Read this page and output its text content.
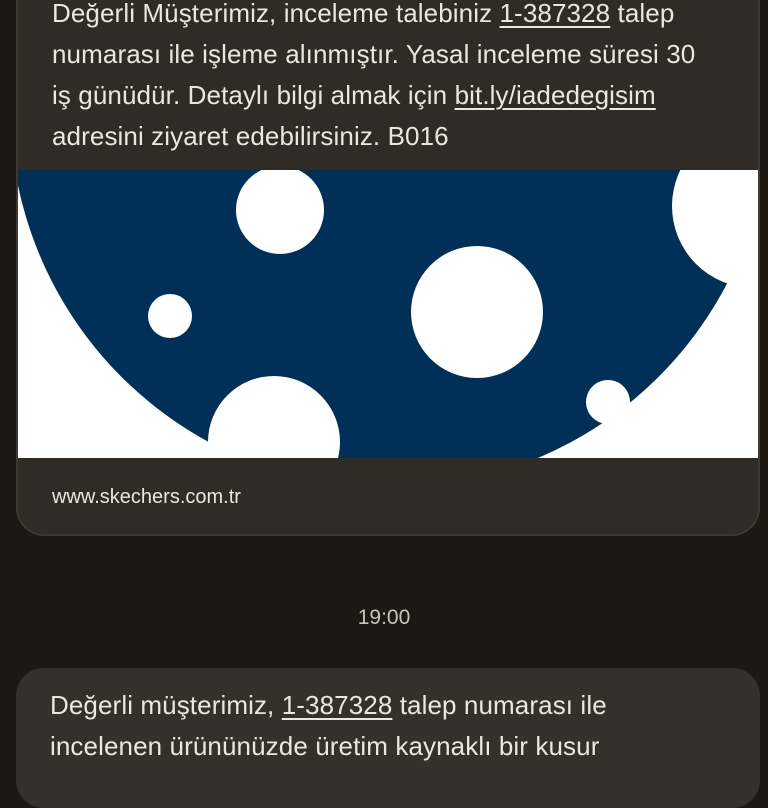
Değerli Müşterimiz, inceleme talebiniz 1-387328 talep
numarası ile işleme alınmıştır. Yasal inceleme süresi 30
iş günüdür. Detaylı bilgi almak için bit.ly/iadedegisim
adresini ziyaret edebilirsiniz. B016
www.skechers.com.tr
19:00
Değerli müşterimiz, 1-387328 talep numarası ile
incelenen ürününüzde üretim kaynaklı bir kusur
